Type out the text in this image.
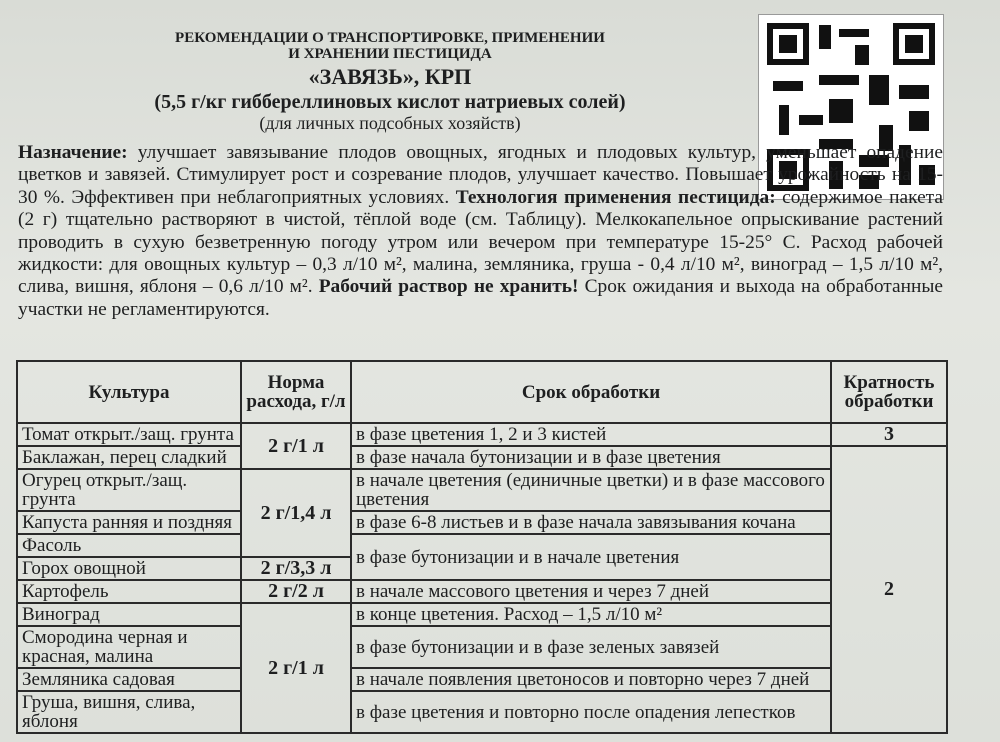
РЕКОМЕНДАЦИИ О ТРАНСПОРТИРОВКЕ, ПРИМЕНЕНИИ
И ХРАНЕНИИ ПЕСТИЦИДА
«ЗАВЯЗЬ», КРП
(5,5 г/кг гиббереллиновых кислот натриевых солей)
(для личных подсобных хозяйств)

Назначение: улучшает завязывание плодов овощных, ягодных и плодовых культур, уменьшает опадение цветков и завязей. Стимулирует рост и созревание плодов, улучшает качество. Повышает урожайность на 15-30 %. Эффективен при неблагоприятных условиях. Технология применения пестицида: содержимое пакета (2 г) тщательно растворяют в чистой, тёплой воде (см. Таблицу). Мелкокапельное опрыскивание растений проводить в сухую безветренную погоду утром или вечером при температуре 15-25° С. Расход рабочей жидкости: для овощных культур – 0,3 л/10 м², малина, земляника, груша - 0,4 л/10 м², виноград – 1,5 л/10 м², слива, вишня, яблоня – 0,6 л/10 м². Рабочий раствор не хранить! Срок ожидания и выхода на обработанные участки не регламентируются.

Культура	Норма расхода, г/л	Срок обработки	Кратность обработки
Томат открыт./защ. грунта	2 г/1 л	в фазе цветения 1, 2 и 3 кистей	3
Баклажан, перец сладкий		в фазе начала бутонизации и в фазе цветения	2
Огурец открыт./защ. грунта	2 г/1,4 л	в начале цветения (единичные цветки) и в фазе массового цветения	
Капуста ранняя и поздняя		в фазе 6-8 листьев и в фазе начала завязывания кочана	
Фасоль		в фазе бутонизации и в начале цветения	
Горох овощной	2 г/3,3 л		
Картофель	2 г/2 л	в начале массового цветения и через 7 дней	
Виноград	2 г/1 л	в конце цветения. Расход – 1,5 л/10 м²	
Смородина черная и красная, малина		в фазе бутонизации и в фазе зеленых завязей	
Земляника садовая		в начале появления цветоносов и повторно через 7 дней	
Груша, вишня, слива, яблоня		в фазе цветения и повторно после опадения лепестков	
